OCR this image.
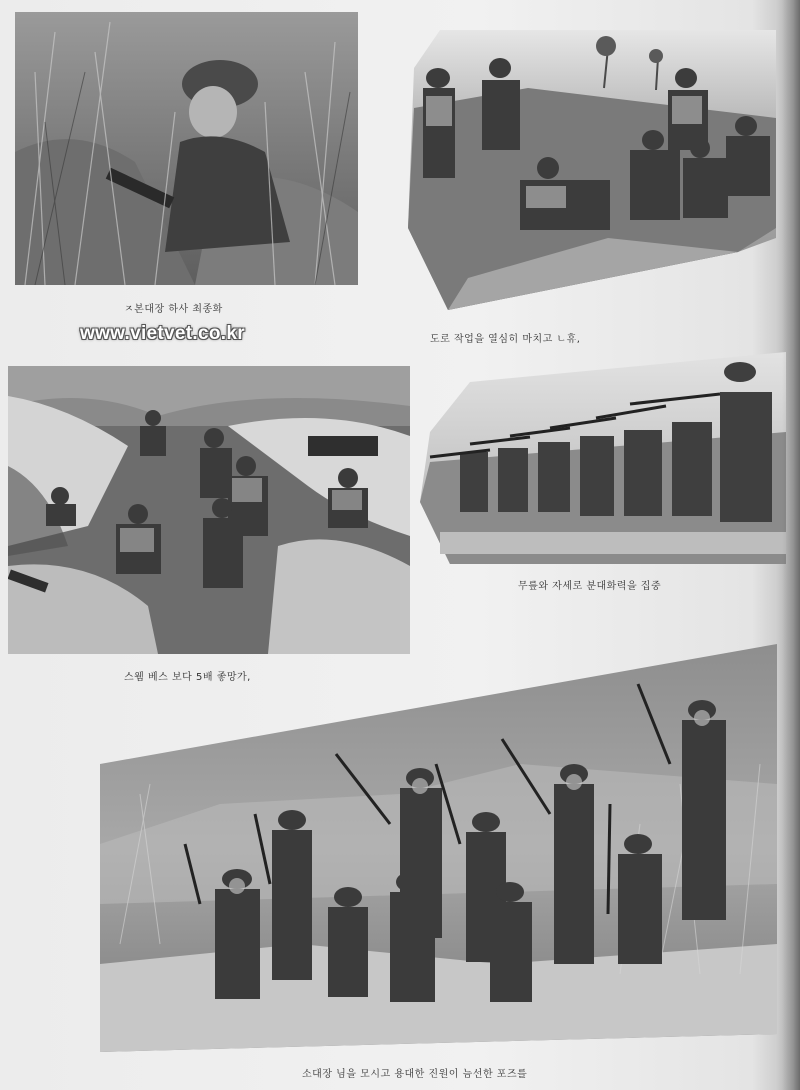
ㅈ본대장 하사 최종화
www.vietvet.co.kr	도로 작업을 열심히 마치고 ㄴ휴,
스웸 베스 보다 5배 좋망가,
무릎와 자세로 분대화력을 집중
소대장 님을 모시고 용대한 진원이 늠선한 포즈를
